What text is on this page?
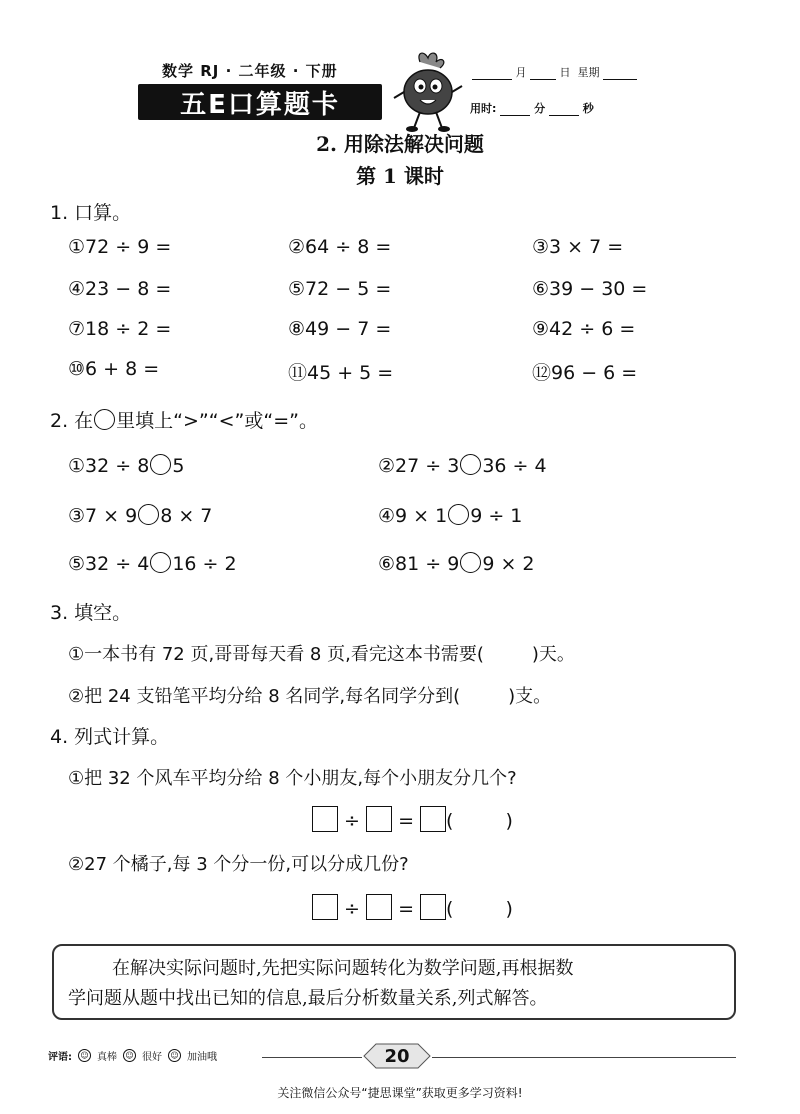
数学 RJ · 二年级 · 下册
五E口算题卡
月	日 星期
用时:	分	秒
2. 用除法解决问题
第 1 课时
1. 口算。
①72 ÷ 9 =	②64 ÷ 8 =	③3 × 7 =
④23 − 8 =	⑤72 − 5 =	⑥39 − 30 =
⑦18 ÷ 2 =	⑧49 − 7 =	⑨42 ÷ 6 =
⑩6 + 8 =	⑪45 + 5 =	⑫96 − 6 =
2. 在 里填上“>”“<”或“=”。
①32 ÷ 8 5	②27 ÷ 3 36 ÷ 4
③7 × 9 8 × 7	④9 × 1 9 ÷ 1
⑤32 ÷ 4 16 ÷ 2	⑥81 ÷ 9 9 × 2
3. 填空。
①一本书有 72 页,哥哥每天看 8 页,看完这本书需要(	)天。
②把 24 支铅笔平均分给 8 名同学,每名同学分到(	)支。
4. 列式计算。
①把 32 个风车平均分给 8 个小朋友,每个小朋友分几个?
÷ = (	)
②27 个橘子,每 3 个分一份,可以分成几份?
÷ = (	)
在解决实际问题时,先把实际问题转化为数学问题,再根据数
学问题从题中找出已知的信息,最后分析数量关系,列式解答。
评语: ☺ 真棒 ☺ 很好 ☺ 加油哦	20
关注微信公众号“捷思课堂”获取更多学习资料!
